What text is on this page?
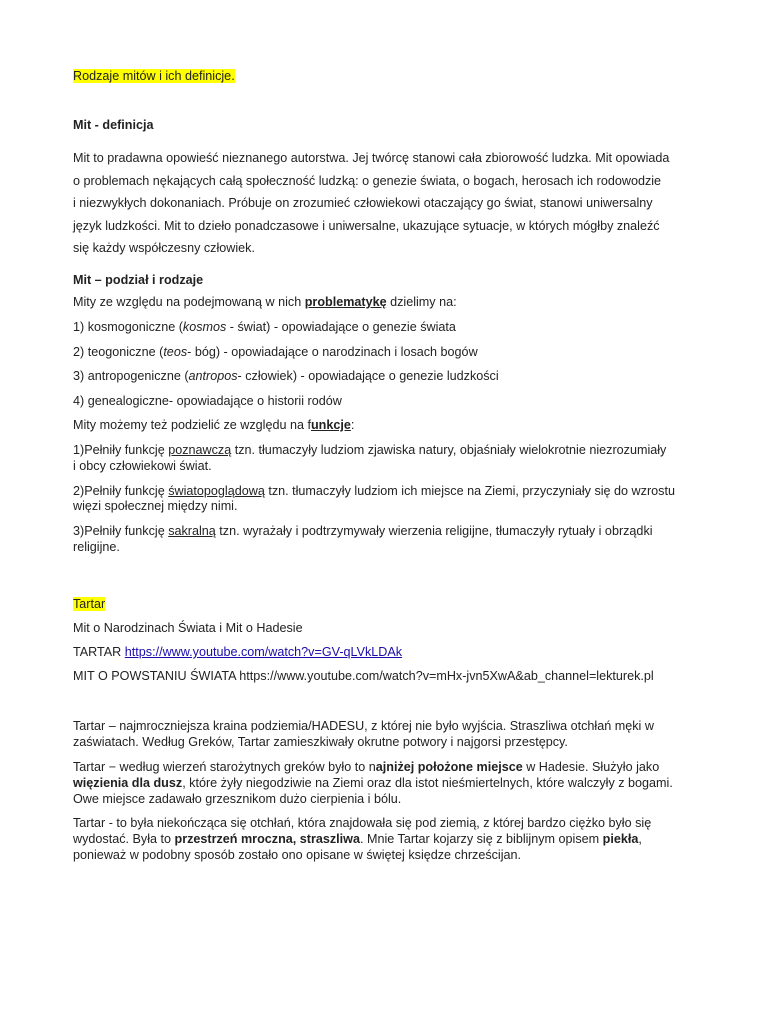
Rodzaje mitów i ich definicje.
Mit - definicja
Mit to pradawna opowieść nieznanego autorstwa. Jej twórcę stanowi cała zbiorowość ludzka. Mit opowiada
o problemach nękających całą społeczność ludzką: o genezie świata, o bogach, herosach ich rodowodzie
i niezwykłych dokonaniach. Próbuje on zrozumieć człowiekowi otaczający go świat, stanowi uniwersalny
język ludzkości. Mit to dzieło ponadczasowe i uniwersalne, ukazujące sytuacje, w których mógłby znaleźć
się każdy współczesny człowiek.
Mit – podział i rodzaje
Mity ze względu na podejmowaną w nich problematykę dzielimy na:
1) kosmogoniczne (kosmos - świat) - opowiadające o genezie świata
2) teogoniczne (teos- bóg) - opowiadające o narodzinach i losach bogów
3) antropogeniczne (antropos- człowiek) - opowiadające o genezie ludzkości
4) genealogiczne- opowiadające o historii rodów
Mity możemy też podzielić ze względu na funkcje:
1)Pełniły funkcję poznawczą tzn. tłumaczyły ludziom zjawiska natury, objaśniały wielokrotnie niezrozumiały
i obcy człowiekowi świat.
2)Pełniły funkcję światopoglądową tzn. tłumaczyły ludziom ich miejsce na Ziemi, przyczyniały się do wzrostu
więzi społecznej między nimi.
3)Pełniły funkcję sakralną tzn. wyrażały i podtrzymywały wierzenia religijne, tłumaczyły rytuały i obrządki
religijne.
Tartar
Mit o Narodzinach Świata i Mit o Hadesie
TARTAR https://www.youtube.com/watch?v=GV-qLVkLDAk
MIT O POWSTANIU ŚWIATA https://www.youtube.com/watch?v=mHx-jvn5XwA&ab_channel=lekturek.pl
Tartar – najmroczniejsza kraina podziemia/HADESU, z której nie było wyjścia. Straszliwa otchłań męki w
zaświatach. Według Greków, Tartar zamieszkiwały okrutne potwory i najgorsi przestępcy.
Tartar − według wierzeń starożytnych greków było to najniżej położone miejsce w Hadesie. Służyło jako
więzienia dla dusz, które żyły niegodziwie na Ziemi oraz dla istot nieśmiertelnych, które walczyły z bogami.
Owe miejsce zadawało grzesznikom dużo cierpienia i bólu.
Tartar - to była niekończąca się otchłań, która znajdowała się pod ziemią, z której bardzo ciężko było się
wydostać. Była to przestrzeń mroczna, straszliwa. Mnie Tartar kojarzy się z biblijnym opisem piekła,
ponieważ w podobny sposób zostało ono opisane w świętej księdze chrześcijan.
